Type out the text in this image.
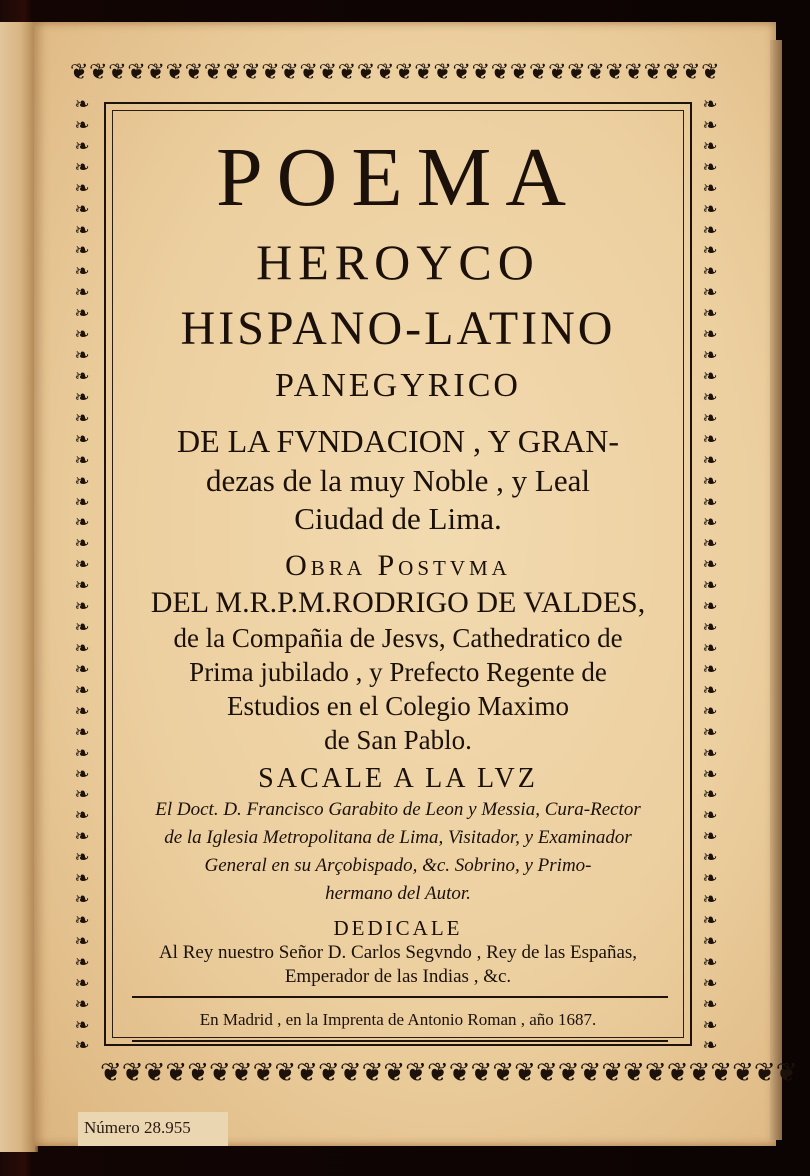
❦ ❦ ❦ ❦ ❦ ❦ ❦ ❦ ❦ ❦ ❦ ❦ ❦ ❦ ❦ ❦ ❦ ❦ ❦ ❦ ❦ ❦ ❦ ❦ ❦ ❦ ❦ ❦ ❦ ❦ ❦ ❦ ❦ ❦
❦ ❦ ❦ ❦ ❦ ❦ ❦ ❦ ❦ ❦ ❦ ❦ ❦ ❦ ❦ ❦ ❦ ❦ ❦ ❦ ❦ ❦ ❦ ❦ ❦ ❦ ❦ ❦ ❦ ❦ ❦ ❦
❧
❧
❧
❧
❧
❧
❧
❧
❧
❧
❧
❧
❧
❧
❧
❧
❧
❧
❧
❧
❧
❧
❧
❧
❧
❧
❧
❧
❧
❧
❧
❧
❧
❧
❧
❧
❧
❧
❧
❧
❧
❧
❧
❧
❧
❧
❧
❧
❧
❧
❧
❧
❧
❧
❧
❧
❧
❧
❧
❧
❧
❧
❧
❧
❧
❧
❧
❧
❧
❧
❧
❧
❧
❧
❧
❧
❧
❧
❧
❧
❧
❧
❧
❧
❧
❧
❧
❧
❧
❧
❧
❧
POEMA
HEROYCO
HISPANO-LATINO
PANEGYRICO
DE LA FVNDACION , Y GRAN-
dezas de la muy Noble , y Leal
Ciudad de Lima.
Obra Postvma
DEL M.R.P.M.RODRIGO DE VALDES,
de la Compañia de Jesvs, Cathedratico de
Prima jubilado , y Prefecto Regente de
Estudios en el Colegio Maximo
de San Pablo.
SACALE A LA LVZ
El Doct. D. Francisco Garabito de Leon y Messia, Cura-Rector
de la Iglesia Metropolitana de Lima, Visitador, y Examinador
General en su Arçobispado, &c. Sobrino, y Primo-
hermano del Autor.
DEDICALE
Al Rey nuestro Señor D. Carlos Segvndo , Rey de las Españas,
Emperador de las Indias , &c.
En Madrid , en la Imprenta de Antonio Roman , año 1687.
Número 28.955
